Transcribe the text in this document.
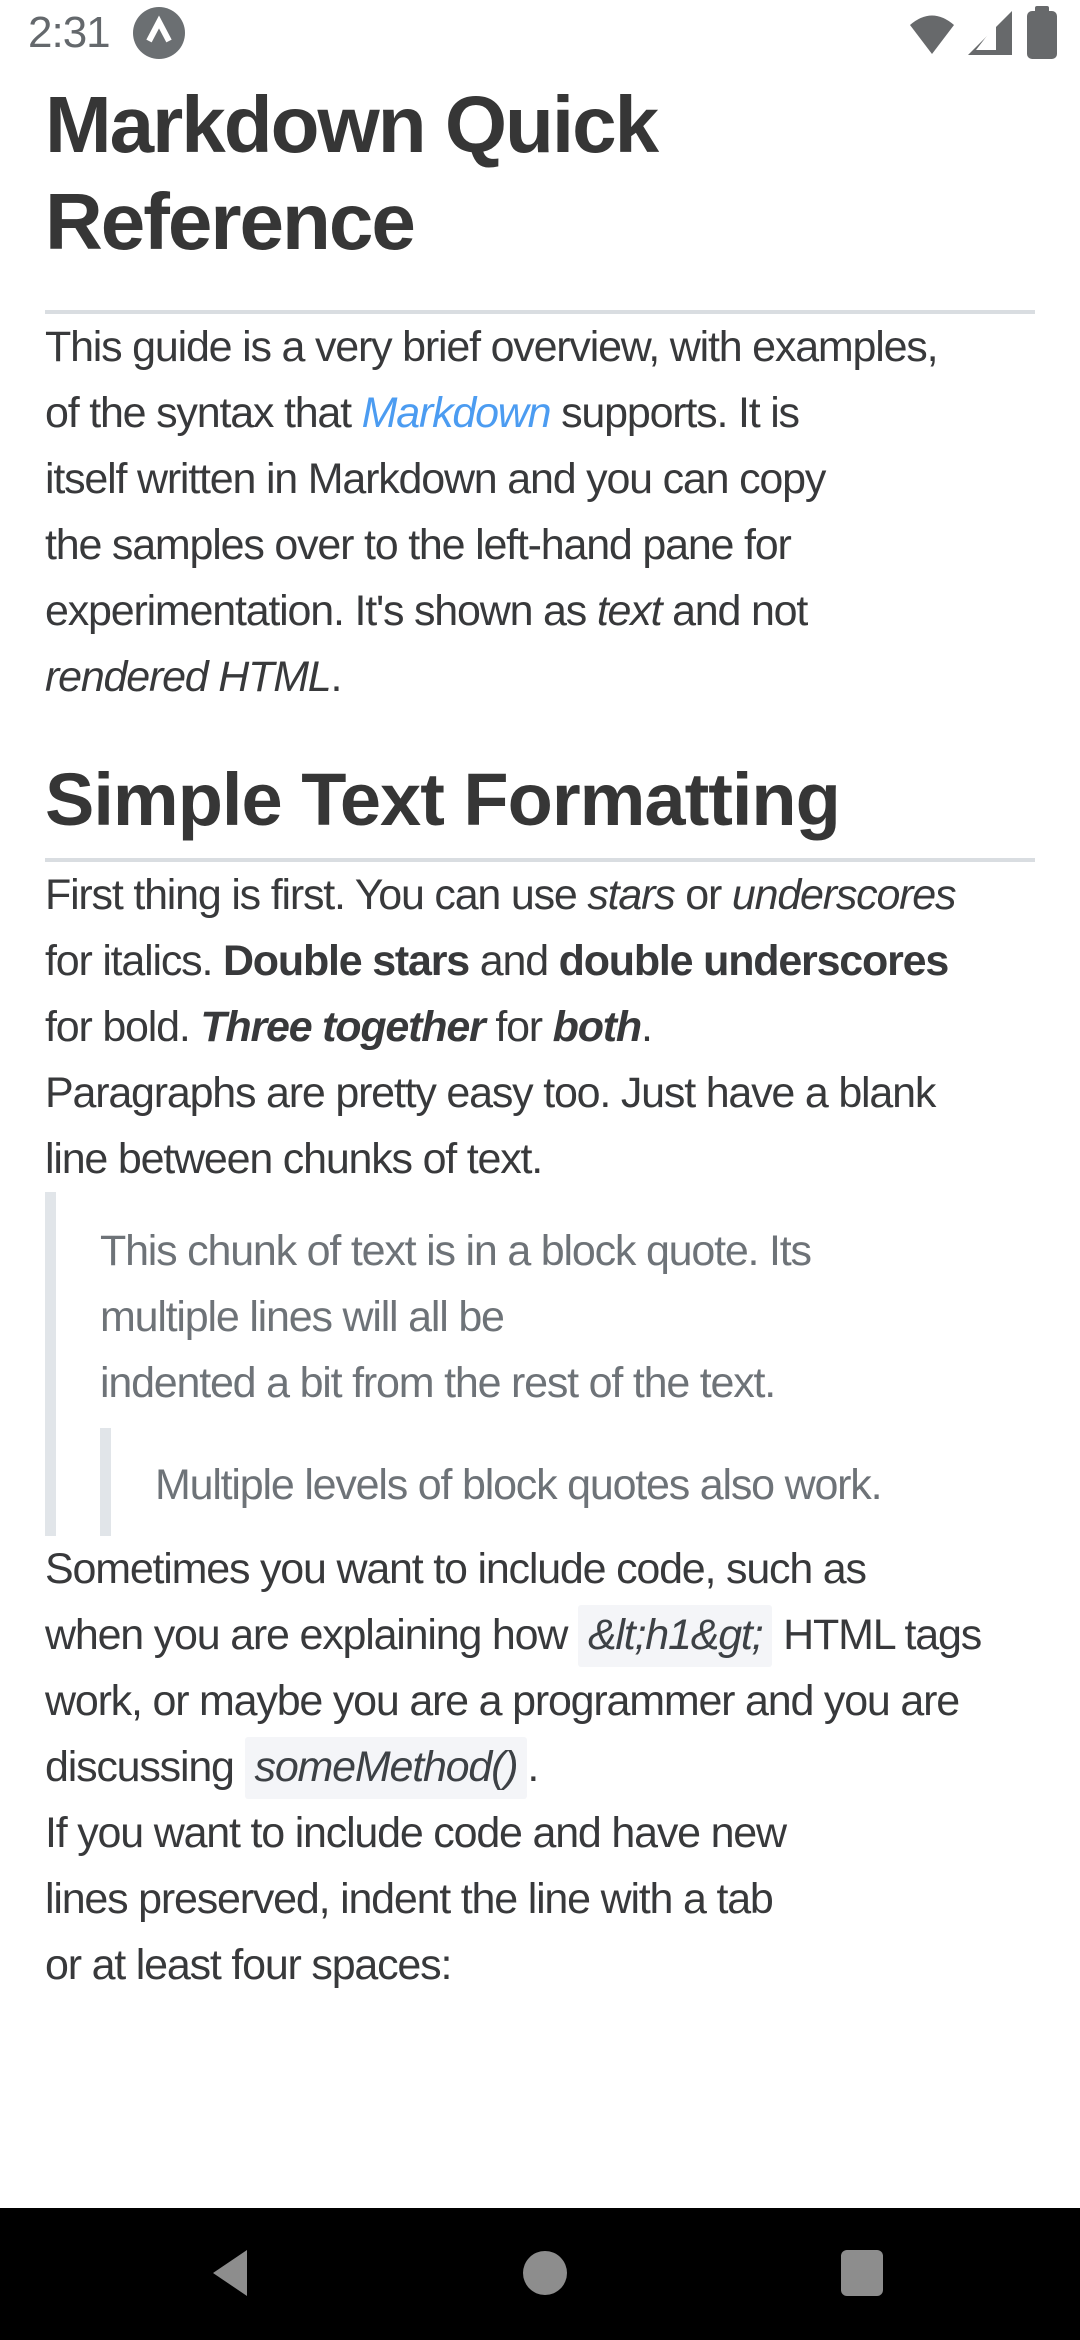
2:31
Markdown Quick
Reference

This guide is a very brief overview, with examples,
of the syntax that Markdown supports. It is
itself written in Markdown and you can copy
the samples over to the left-hand pane for
experimentation. It's shown as text and not
rendered HTML.

Simple Text Formatting

First thing is first. You can use stars or underscores
for italics. Double stars and double underscores
for bold. Three together for both.

Paragraphs are pretty easy too. Just have a blank
line between chunks of text.

This chunk of text is in a block quote. Its
multiple lines will all be
indented a bit from the rest of the text.
Multiple levels of block quotes also work.

Sometimes you want to include code, such as
when you are explaining how &lt;h1&gt; HTML tags
work, or maybe you are a programmer and you are
discussing someMethod() .

If you want to include code and have new
lines preserved, indent the line with a tab
or at least four spaces:
